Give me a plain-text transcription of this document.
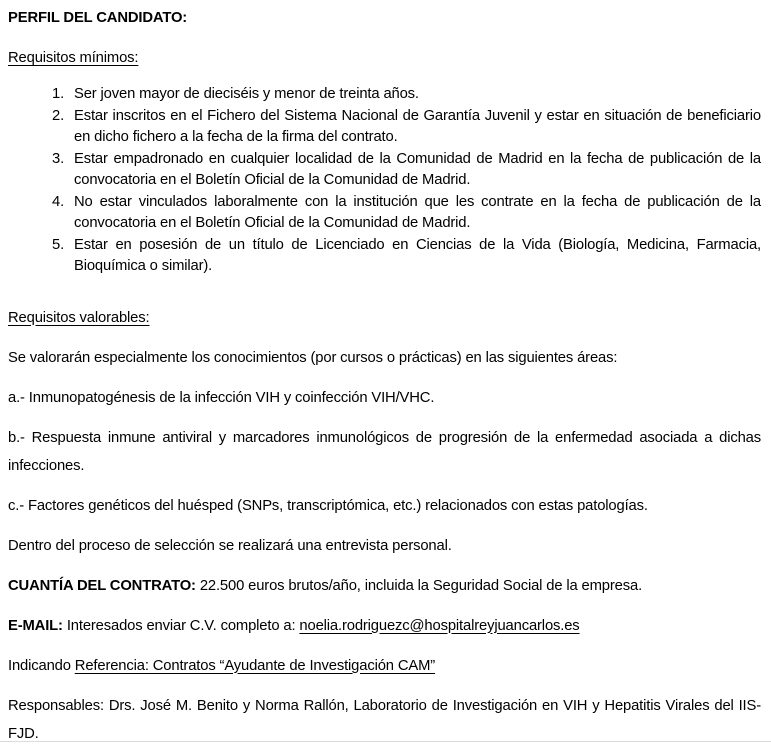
PERFIL DEL CANDIDATO:

Requisitos mínimos:

1. Ser joven mayor de dieciséis y menor de treinta años.
2. Estar inscritos en el Fichero del Sistema Nacional de Garantía Juvenil y estar en situación de beneficiario en dicho fichero a la fecha de la firma del contrato.
3. Estar empadronado en cualquier localidad de la Comunidad de Madrid en la fecha de publicación de la convocatoria en el Boletín Oficial de la Comunidad de Madrid.
4. No estar vinculados laboralmente con la institución que les contrate en la fecha de publicación de la convocatoria en el Boletín Oficial de la Comunidad de Madrid.
5. Estar en posesión de un título de Licenciado en Ciencias de la Vida (Biología, Medicina, Farmacia, Bioquímica o similar).

Requisitos valorables:

Se valorarán especialmente los conocimientos (por cursos o prácticas) en las siguientes áreas:

a.- Inmunopatogénesis de la infección VIH y coinfección VIH/VHC.

b.- Respuesta inmune antiviral y marcadores inmunológicos de progresión de la enfermedad asociada a dichas infecciones.

c.- Factores genéticos del huésped (SNPs, transcriptómica, etc.) relacionados con estas patologías.

Dentro del proceso de selección se realizará una entrevista personal.

CUANTÍA DEL CONTRATO: 22.500 euros brutos/año, incluida la Seguridad Social de la empresa.

E-MAIL: Interesados enviar C.V. completo a: noelia.rodriguezc@hospitalreyjuancarlos.es

Indicando Referencia: Contratos “Ayudante de Investigación CAM”

Responsables: Drs. José M. Benito y Norma Rallón, Laboratorio de Investigación en VIH y Hepatitis Virales del IIS-FJD.
